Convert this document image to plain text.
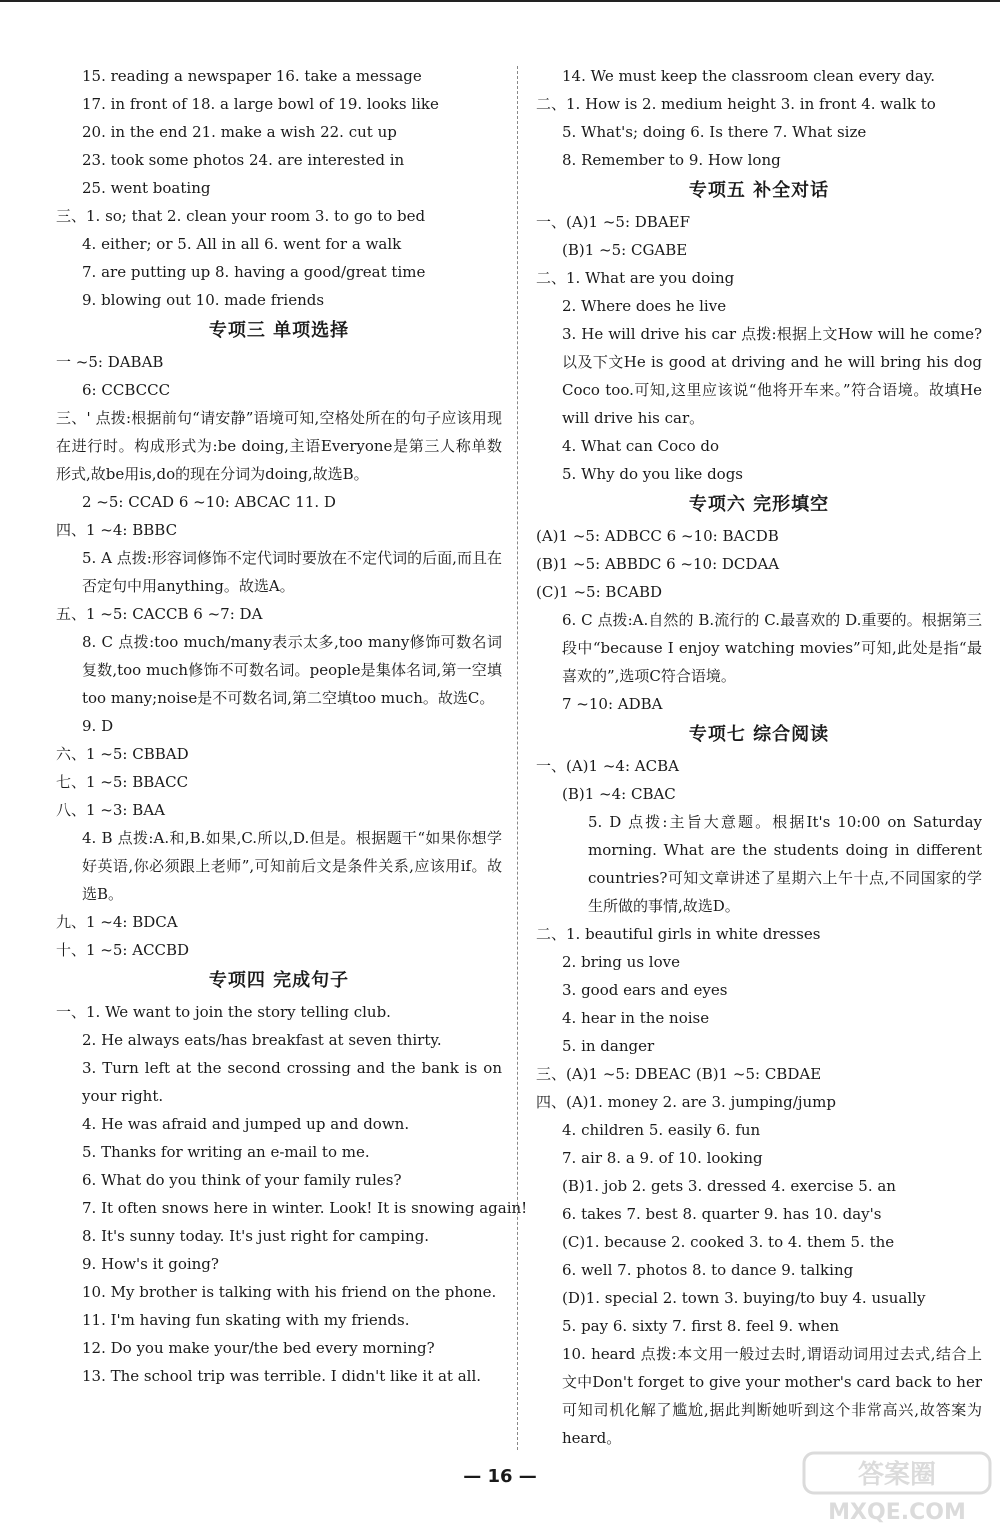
15. reading a newspaper 16. take a message
17. in front of 18. a large bowl of 19. looks like
20. in the end 21. make a wish 22. cut up
23. took some photos 24. are interested in
25. went boating
三、1. so; that 2. clean your room 3. to go to bed
4. either; or 5. All in all 6. went for a walk
7. are putting up 8. having a good/great time
9. blowing out 10. made friends
专项三 单项选择
一 ~5: DABAB
6: CCBCCC
三、' 点拨:根据前句“请安静”语境可知,空格处所在的句子应该用现在进行时。构成形式为:be doing,主语Everyone是第三人称单数形式,故be用is,do的现在分词为doing,故选B。
2 ~5: CCAD 6 ~10: ABCAC 11. D
四、1 ~4: BBBC
5. A 点拨:形容词修饰不定代词时要放在不定代词的后面,而且在否定句中用anything。故选A。
五、1 ~5: CACCB 6 ~7: DA
8. C 点拨:too much/many表示太多,too many修饰可数名词复数,too much修饰不可数名词。people是集体名词,第一空填too many;noise是不可数名词,第二空填too much。故选C。
9. D
六、1 ~5: CBBAD
七、1 ~5: BBACC
八、1 ~3: BAA
4. B 点拨:A.和,B.如果,C.所以,D.但是。根据题干“如果你想学好英语,你必须跟上老师”,可知前后文是条件关系,应该用if。故选B。
九、1 ~4: BDCA
十、1 ~5: ACCBD
专项四 完成句子
一、1. We want to join the story telling club.
2. He always eats/has breakfast at seven thirty.
3. Turn left at the second crossing and the bank is on your right.
4. He was afraid and jumped up and down.
5. Thanks for writing an e-mail to me.
6. What do you think of your family rules?
7. It often snows here in winter. Look! It is snowing again!
8. It's sunny today. It's just right for camping.
9. How's it going?
10. My brother is talking with his friend on the phone.
11. I'm having fun skating with my friends.
12. Do you make your/the bed every morning?
13. The school trip was terrible. I didn't like it at all.
14. We must keep the classroom clean every day.
二、1. How is 2. medium height 3. in front 4. walk to
5. What's; doing 6. Is there 7. What size
8. Remember to 9. How long
专项五 补全对话
一、(A)1 ~5: DBAEF
(B)1 ~5: CGABE
二、1. What are you doing
2. Where does he live
3. He will drive his car 点拨:根据上文How will he come?以及下文He is good at driving and he will bring his dog Coco too.可知,这里应该说“他将开车来。”符合语境。故填He will drive his car。
4. What can Coco do
5. Why do you like dogs
专项六 完形填空
(A)1 ~5: ADBCC 6 ~10: BACDB
(B)1 ~5: ABBDC 6 ~10: DCDAA
(C)1 ~5: BCABD
6. C 点拨:A.自然的 B.流行的 C.最喜欢的 D.重要的。根据第三段中“because I enjoy watching movies”可知,此处是指“最喜欢的”,选项C符合语境。
7 ~10: ADBA
专项七 综合阅读
一、(A)1 ~4: ACBA
(B)1 ~4: CBAC
5. D 点拨:主旨大意题。根据It's 10:00 on Saturday morning. What are the students doing in different countries?可知文章讲述了星期六上午十点,不同国家的学生所做的事情,故选D。
二、1. beautiful girls in white dresses
2. bring us love
3. good ears and eyes
4. hear in the noise
5. in danger
三、(A)1 ~5: DBEAC (B)1 ~5: CBDAE
四、(A)1. money 2. are 3. jumping/jump
4. children 5. easily 6. fun
7. air 8. a 9. of 10. looking
(B)1. job 2. gets 3. dressed 4. exercise 5. an
6. takes 7. best 8. quarter 9. has 10. day's
(C)1. because 2. cooked 3. to 4. them 5. the
6. well 7. photos 8. to dance 9. talking
(D)1. special 2. town 3. buying/to buy 4. usually
5. pay 6. sixty 7. first 8. feel 9. when
10. heard 点拨:本文用一般过去时,谓语动词用过去式,结合上文中Don't forget to give your mother's card back to her可知司机化解了尴尬,据此判断她听到这个非常高兴,故答案为heard。
— 16 —	答案圈
MXQE.COM
